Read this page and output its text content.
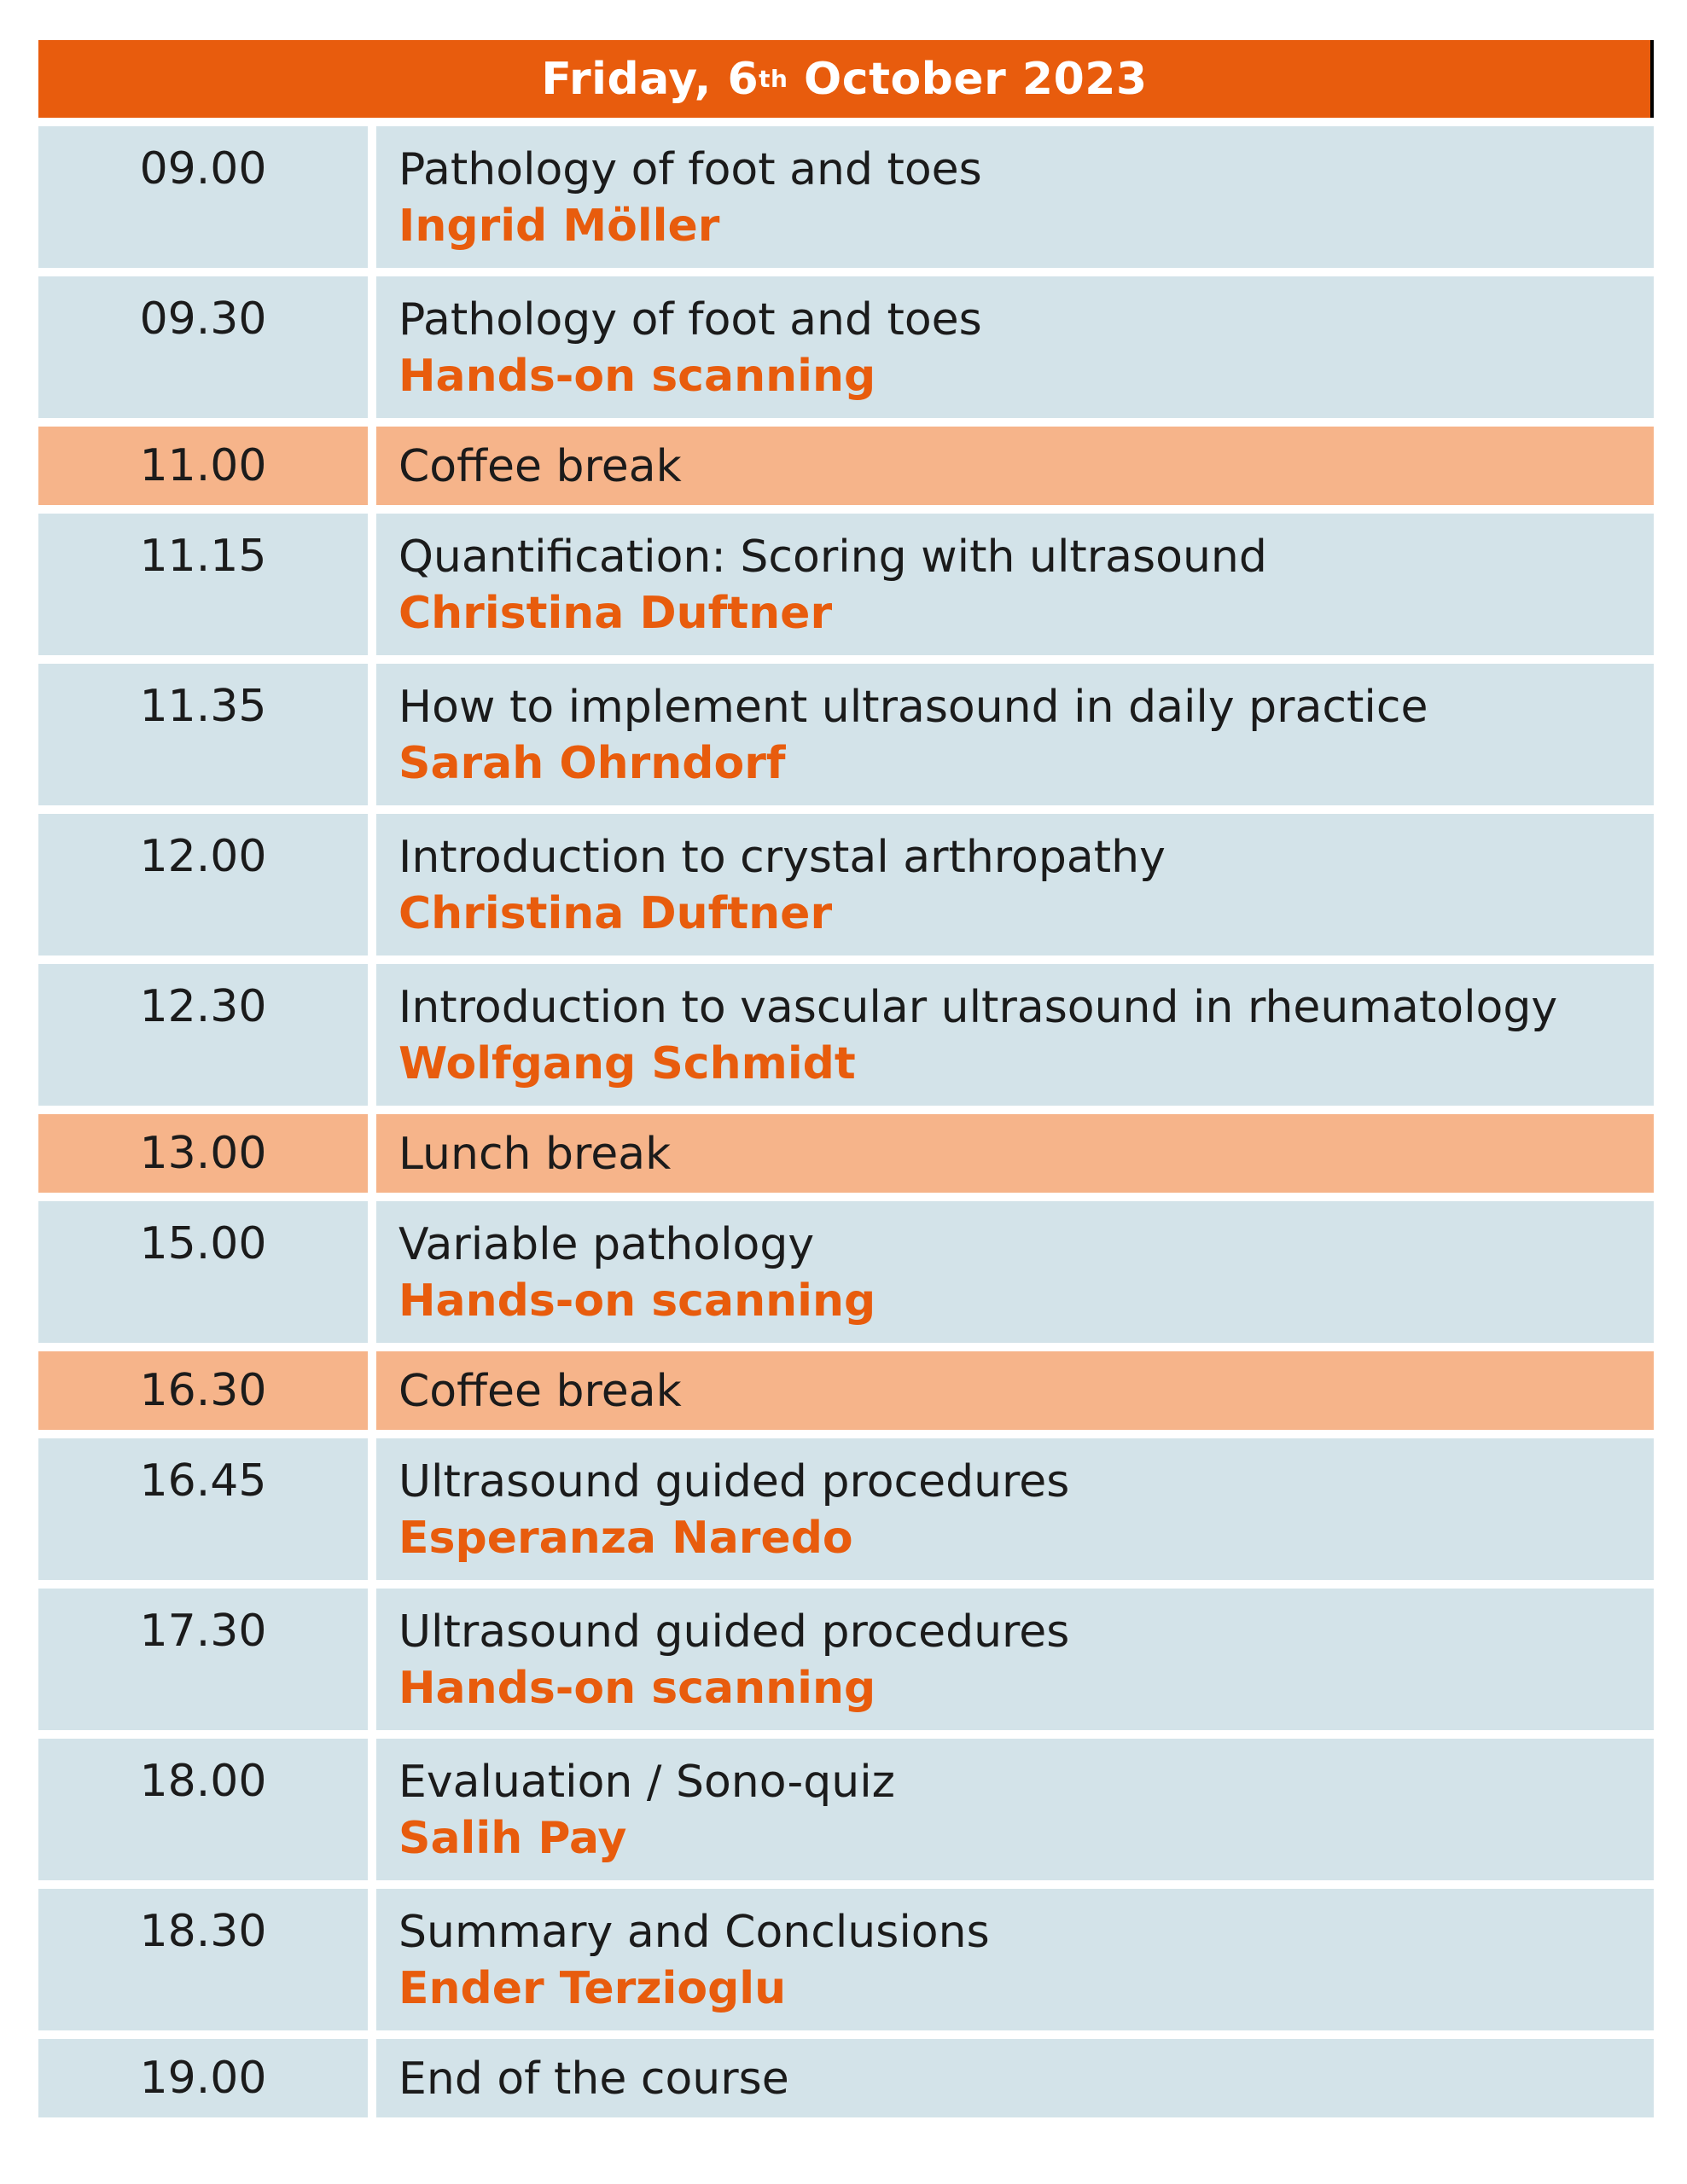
Friday, 6 th October 2023
09.00	Pathology of foot and toes
Ingrid Möller
09.30	Pathology of foot and toes
Hands-on scanning
11.00	Coffee break
11.15	Quantification: Scoring with ultrasound
Christina Duftner
11.35	How to implement ultrasound in daily practice
Sarah Ohrndorf
12.00	Introduction to crystal arthropathy
Christina Duftner
12.30	Introduction to vascular ultrasound in rheumatology
Wolfgang Schmidt
13.00	Lunch break
15.00	Variable pathology
Hands-on scanning
16.30	Coffee break
16.45	Ultrasound guided procedures
Esperanza Naredo
17.30	Ultrasound guided procedures
Hands-on scanning
18.00	Evaluation / Sono-quiz
Salih Pay
18.30	Summary and Conclusions
Ender Terzioglu
19.00	End of the course
